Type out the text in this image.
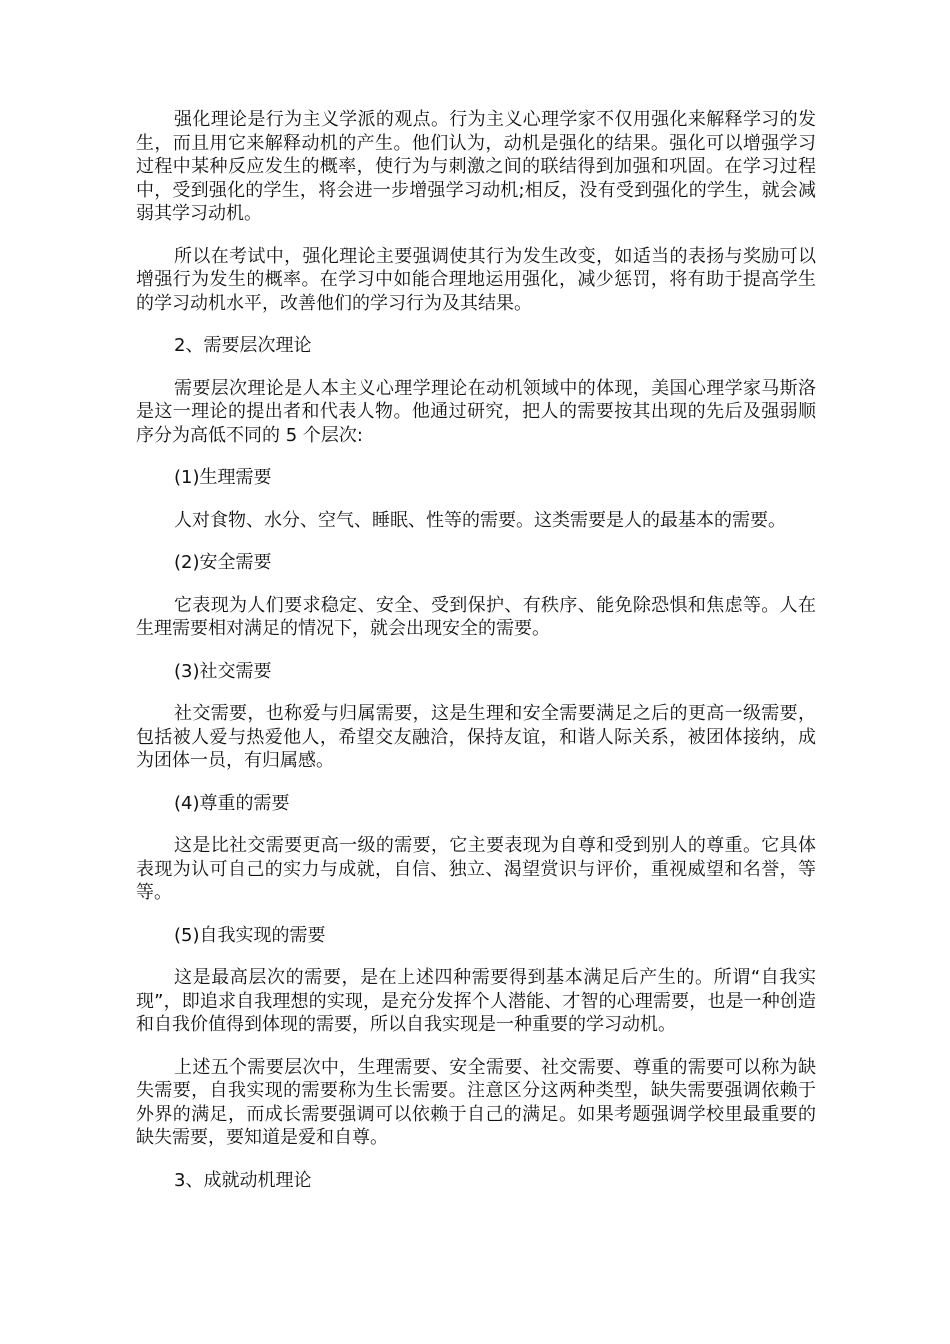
强化理论是行为主义学派的观点。行为主义心理学家不仅用强化来解释学习的发生，而且用它来解释动机的产生。他们认为，动机是强化的结果。强化可以增强学习过程中某种反应发生的概率，使行为与刺激之间的联结得到加强和巩固。在学习过程中，受到强化的学生，将会进一步增强学习动机;相反，没有受到强化的学生，就会减弱其学习动机。

所以在考试中，强化理论主要强调使其行为发生改变，如适当的表扬与奖励可以增强行为发生的概率。在学习中如能合理地运用强化，减少惩罚，将有助于提高学生的学习动机水平，改善他们的学习行为及其结果。

2、需要层次理论

需要层次理论是人本主义心理学理论在动机领域中的体现，美国心理学家马斯洛是这一理论的提出者和代表人物。他通过研究，把人的需要按其出现的先后及强弱顺序分为高低不同的 5 个层次:

(1)生理需要

人对食物、水分、空气、睡眠、性等的需要。这类需要是人的最基本的需要。

(2)安全需要

它表现为人们要求稳定、安全、受到保护、有秩序、能免除恐惧和焦虑等。人在生理需要相对满足的情况下，就会出现安全的需要。

(3)社交需要

社交需要，也称爱与归属需要，这是生理和安全需要满足之后的更高一级需要，包括被人爱与热爱他人，希望交友融洽，保持友谊，和谐人际关系，被团体接纳，成为团体一员，有归属感。

(4)尊重的需要

这是比社交需要更高一级的需要，它主要表现为自尊和受到别人的尊重。它具体表现为认可自己的实力与成就，自信、独立、渴望赏识与评价，重视威望和名誉，等等。

(5)自我实现的需要

这是最高层次的需要，是在上述四种需要得到基本满足后产生的。所谓“自我实现”，即追求自我理想的实现，是充分发挥个人潜能、才智的心理需要，也是一种创造和自我价值得到体现的需要，所以自我实现是一种重要的学习动机。

上述五个需要层次中，生理需要、安全需要、社交需要、尊重的需要可以称为缺失需要，自我实现的需要称为生长需要。注意区分这两种类型，缺失需要强调依赖于外界的满足，而成长需要强调可以依赖于自己的满足。如果考题强调学校里最重要的缺失需要，要知道是爱和自尊。

3、成就动机理论
